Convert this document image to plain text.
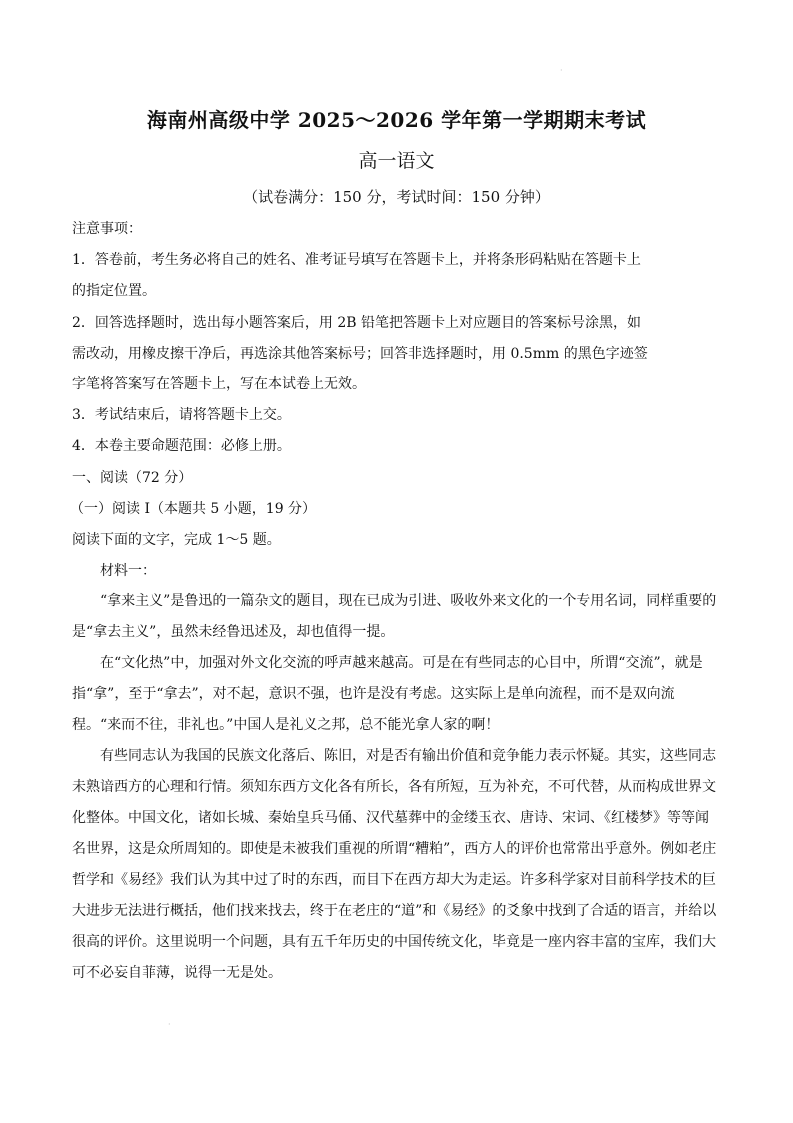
·
海南州高级中学 2025～2026 学年第一学期期末考试
高一语文
（试卷满分：150 分，考试时间：150 分钟）
注意事项：
1．答卷前，考生务必将自己的姓名、准考证号填写在答题卡上，并将条形码粘贴在答题卡上
的指定位置。
2．回答选择题时，选出每小题答案后，用 2B 铅笔把答题卡上对应题目的答案标号涂黑，如
需改动，用橡皮擦干净后，再选涂其他答案标号；回答非选择题时，用 0.5mm 的黑色字迹签
字笔将答案写在答题卡上，写在本试卷上无效。
3．考试结束后，请将答题卡上交。
4．本卷主要命题范围：必修上册。
一、阅读（72 分）
（一）阅读 I（本题共 5 小题，19 分）
阅读下面的文字，完成 1～5 题。
材料一：
“拿来主义”是鲁迅的一篇杂文的题目，现在已成为引进、吸收外来文化的一个专用名词，同样重要的是“拿去主义”，虽然未经鲁迅述及，却也值得一提。
在“文化热”中，加强对外文化交流的呼声越来越高。可是在有些同志的心目中，所谓“交流”，就是指“拿”，至于“拿去”，对不起，意识不强，也许是没有考虑。这实际上是单向流程，而不是双向流程。“来而不往，非礼也。”中国人是礼义之邦，总不能光拿人家的啊！
有些同志认为我国的民族文化落后、陈旧，对是否有输出价值和竞争能力表示怀疑。其实，这些同志未熟谙西方的心理和行情。须知东西方文化各有所长，各有所短，互为补充，不可代替，从而构成世界文化整体。中国文化，诸如长城、秦始皇兵马俑、汉代墓葬中的金缕玉衣、唐诗、宋词、《红楼梦》等等闻名世界，这是众所周知的。即使是未被我们重视的所谓“糟粕”，西方人的评价也常常出乎意外。例如老庄哲学和《易经》我们认为其中过了时的东西，而目下在西方却大为走运。许多科学家对目前科学技术的巨大进步无法进行概括，他们找来找去，终于在老庄的“道”和《易经》的爻象中找到了合适的语言，并给以很高的评价。这里说明一个问题，具有五千年历史的中国传统文化，毕竟是一座内容丰富的宝库，我们大可不必妄自菲薄，说得一无是处。
·
